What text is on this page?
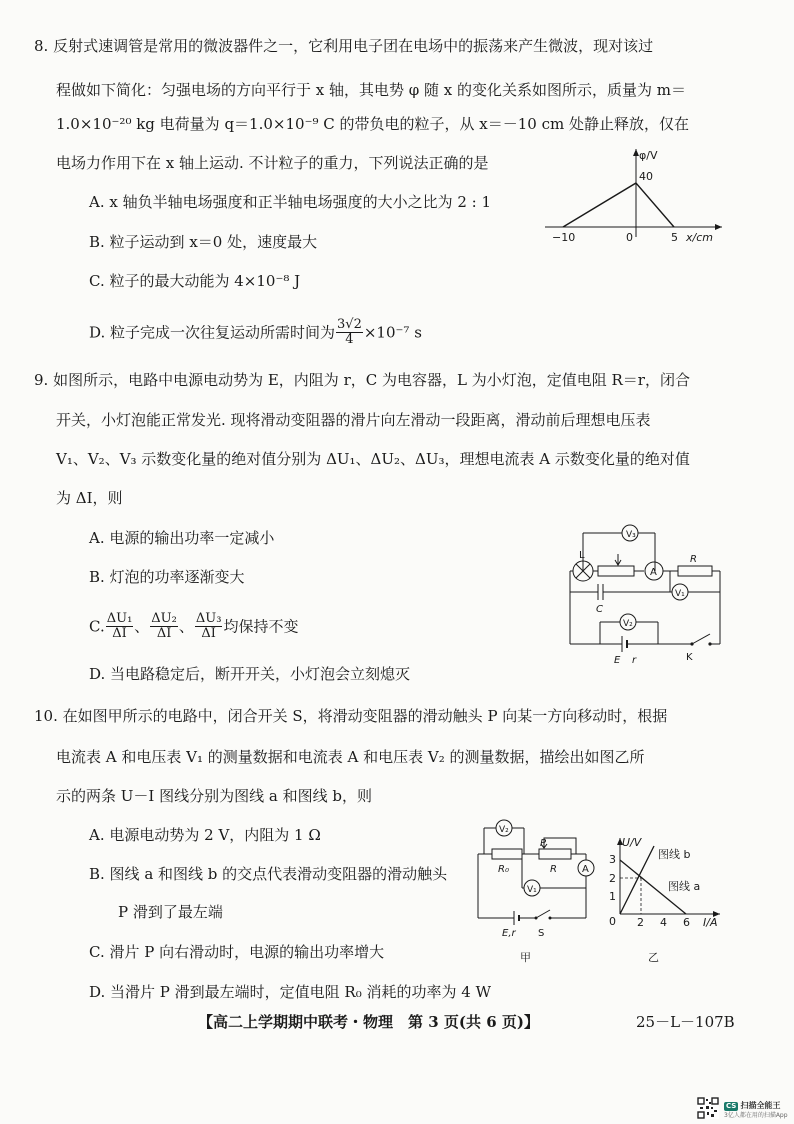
8. 反射式速调管是常用的微波器件之一，它利用电子团在电场中的振荡来产生微波，现对该过
程做如下简化：匀强电场的方向平行于 x 轴，其电势 φ 随 x 的变化关系如图所示，质量为 m＝
1.0×10⁻²⁰ kg 电荷量为 q＝1.0×10⁻⁹ C 的带负电的粒子，从 x＝－10 cm 处静止释放，仅在
电场力作用下在 x 轴上运动. 不计粒子的重力，下列说法正确的是
A. x 轴负半轴电场强度和正半轴电场强度的大小之比为 2 : 1
B. 粒子运动到 x＝0 处，速度最大
C. 粒子的最大动能为 4×10⁻⁸ J
D. 粒子完成一次往复运动所需时间为 $\frac{3√2}{4} \times 10^{-7}$ s
φ/V
40
−10	0	5 x/cm
9. 如图所示，电路中电源电动势为 E，内阻为 r，C 为电容器，L 为小灯泡，定值电阻 R＝r，闭合
开关，小灯泡能正常发光. 现将滑动变阻器的滑片向左滑动一段距离，滑动前后理想电压表
V₁、V₂、V₃ 示数变化量的绝对值分别为 ΔU₁、ΔU₂、ΔU₃，理想电流表 A 示数变化量的绝对值
为 ΔI，则
A. 电源的输出功率一定减小
B. 灯泡的功率逐渐变大
C. $\frac{\text{ΔU₁}}{\Delta I}$ 、 $\frac{\text{ΔU₂}}{\Delta I}$ 、 $\frac{\text{ΔU₃}}{\Delta I}$ 均保持不变
D. 当电路稳定后，断开开关，小灯泡会立刻熄灭
V₃
L
A
R
V₁
C
V₂
E r	K
10. 在如图甲所示的电路中，闭合开关 S，将滑动变阻器的滑动触头 P 向某一方向移动时，根据
电流表 A 和电压表 V₁ 的测量数据和电流表 A 和电压表 V₂ 的测量数据，描绘出如图乙所
示的两条 U－I 图线分别为图线 a 和图线 b，则
A. 电源电动势为 2 V，内阻为 1 Ω
B. 图线 a 和图线 b 的交点代表滑动变阻器的滑动触头
P 滑到了最左端
C. 滑片 P 向右滑动时，电源的输出功率增大
D. 当滑片 P 滑到最左端时，定值电阻 R₀ 消耗的功率为 4 W
V₂
P
R₀	R	A
V₁
E,r S
甲
U/V
3
2
1
0 2 4 6 I/A
图线 b
图线 a
乙
【高二上学期期中联考・物理　第 3 页(共 6 页)】	25－L－107B
CS 扫描全能王
3亿人都在用的扫描App
